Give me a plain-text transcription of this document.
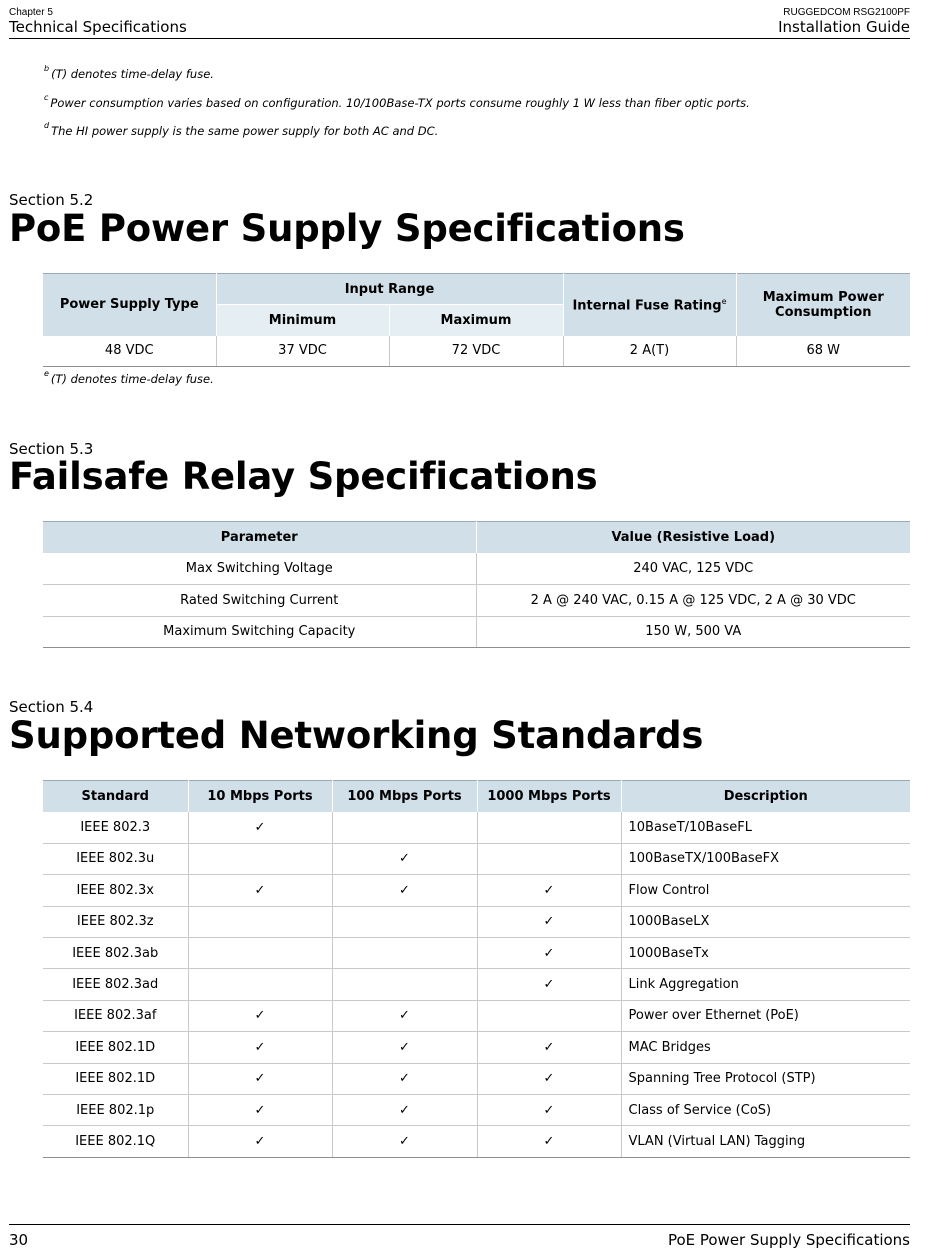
Chapter 5
Technical Specifications
RUGGEDCOM RSG2100PF
Installation Guide
$^b$ (T) denotes time-delay fuse.
$^c$ Power consumption varies based on configuration. 10/100Base-TX ports consume roughly 1 W less than fiber optic ports.
$^d$ The HI power supply is the same power supply for both AC and DC.
Section 5.2
PoE Power Supply Specifications
Power Supply Type	Input Range		Internal Fuse Rating$^e$	Maximum Power Consumption
	Minimum	Maximum		
48 VDC	37 VDC	72 VDC	2 A(T)	68 W
$^e$ (T) denotes time-delay fuse.
Section 5.3
Failsafe Relay Specifications
Parameter	Value (Resistive Load)
Max Switching Voltage	240 VAC, 125 VDC
Rated Switching Current	2 A @ 240 VAC, 0.15 A @ 125 VDC, 2 A @ 30 VDC
Maximum Switching Capacity	150 W, 500 VA
Section 5.4
Supported Networking Standards
Standard	10 Mbps Ports	100 Mbps Ports	1000 Mbps Ports	Description
IEEE 802.3	✓			10BaseT/10BaseFL
IEEE 802.3u		✓		100BaseTX/100BaseFX
IEEE 802.3x	✓	✓	✓	Flow Control
IEEE 802.3z			✓	1000BaseLX
IEEE 802.3ab			✓	1000BaseTx
IEEE 802.3ad			✓	Link Aggregation
IEEE 802.3af	✓	✓		Power over Ethernet (PoE)
IEEE 802.1D	✓	✓	✓	MAC Bridges
IEEE 802.1D	✓	✓	✓	Spanning Tree Protocol (STP)
IEEE 802.1p	✓	✓	✓	Class of Service (CoS)
IEEE 802.1Q	✓	✓	✓	VLAN (Virtual LAN) Tagging
30	PoE Power Supply Specifications
